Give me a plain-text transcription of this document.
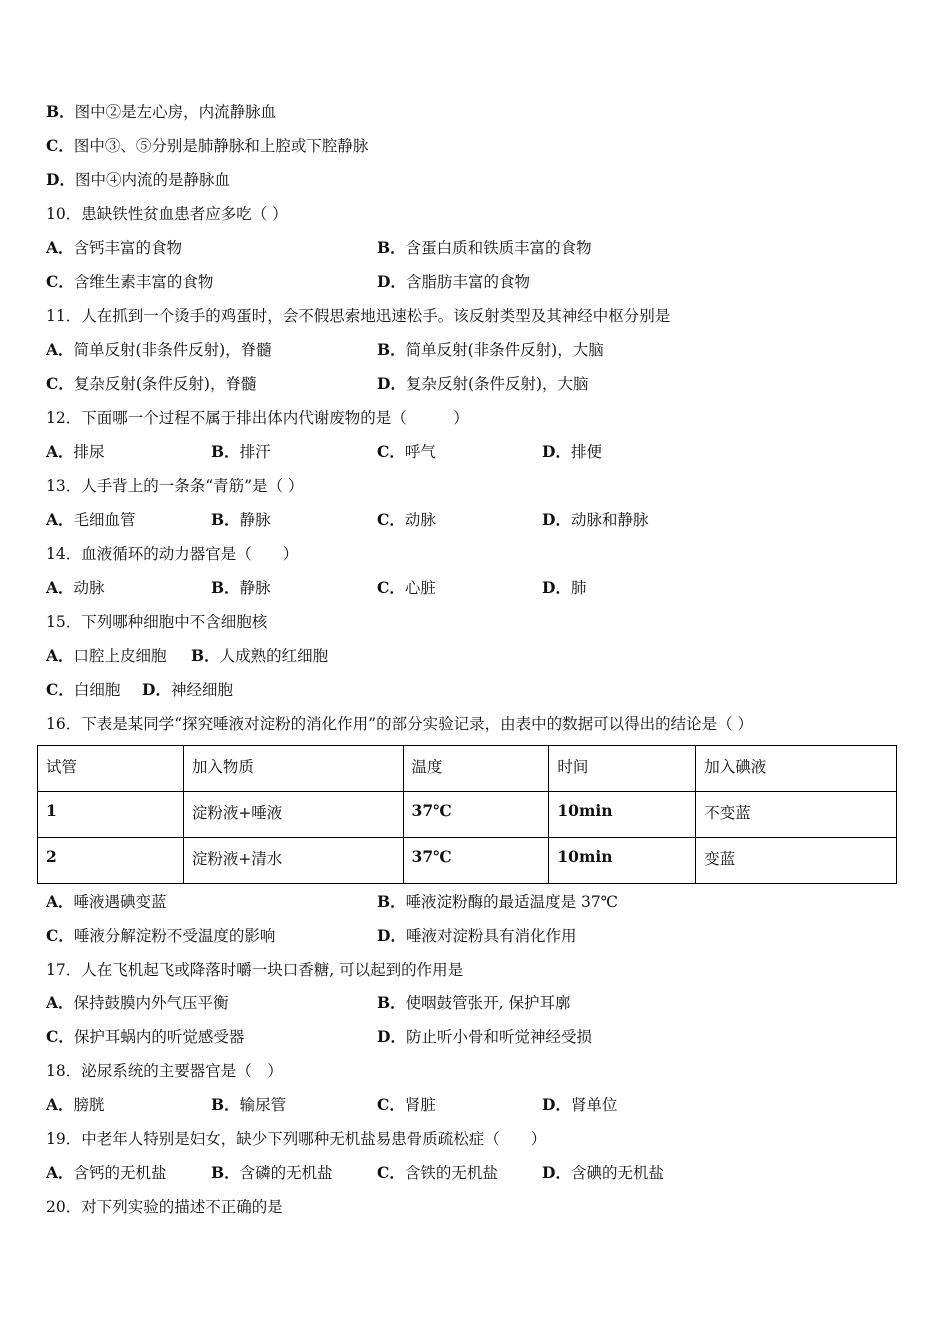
B．图中②是左心房，内流静脉血
C．图中③、⑤分别是肺静脉和上腔或下腔静脉
D．图中④内流的是静脉血
10．患缺铁性贫血患者应多吃（ ）
A．含钙丰富的食物	B．含蛋白质和铁质丰富的食物
C．含维生素丰富的食物	D．含脂肪丰富的食物
11．人在抓到一个烫手的鸡蛋时，会不假思索地迅速松手。该反射类型及其神经中枢分别是
A．简单反射(非条件反射)，脊髓	B．简单反射(非条件反射)，大脑
C．复杂反射(条件反射)，脊髓	D．复杂反射(条件反射)，大脑
12．下面哪一个过程不属于排出体内代谢废物的是（　　　）
A．排尿	B．排汗	C．呼气	D．排便
13．人手背上的一条条“青筋”是（ ）
A．毛细血管	B．静脉	C．动脉	D．动脉和静脉
14．血液循环的动力器官是（　　）
A．动脉	B．静脉	C．心脏	D．肺
15．下列哪种细胞中不含细胞核
A．口腔上皮细胞 B．人成熟的红细胞
C．白细胞 D．神经细胞
16．下表是某同学“探究唾液对淀粉的消化作用”的部分实验记录，由表中的数据可以得出的结论是（ ）
试管	加入物质	温度	时间	加入碘液
1	淀粉液+唾液	37℃	10min	不变蓝
2	淀粉液+清水	37℃	10min	变蓝
A．唾液遇碘变蓝	B．唾液淀粉酶的最适温度是 37℃
C．唾液分解淀粉不受温度的影响	D．唾液对淀粉具有消化作用
17．人在飞机起飞或降落时嚼一块口香糖, 可以起到的作用是
A．保持鼓膜内外气压平衡	B．使咽鼓管张开, 保护耳廓
C．保护耳蜗内的听觉感受器	D．防止听小骨和听觉神经受损
18．泌尿系统的主要器官是（　）
A．膀胱	B．输尿管	C．肾脏	D．肾单位
19．中老年人特别是妇女，缺少下列哪种无机盐易患骨质疏松症（　　）
A．含钙的无机盐	B．含磷的无机盐	C．含铁的无机盐	D．含碘的无机盐
20．对下列实验的描述不正确的是
